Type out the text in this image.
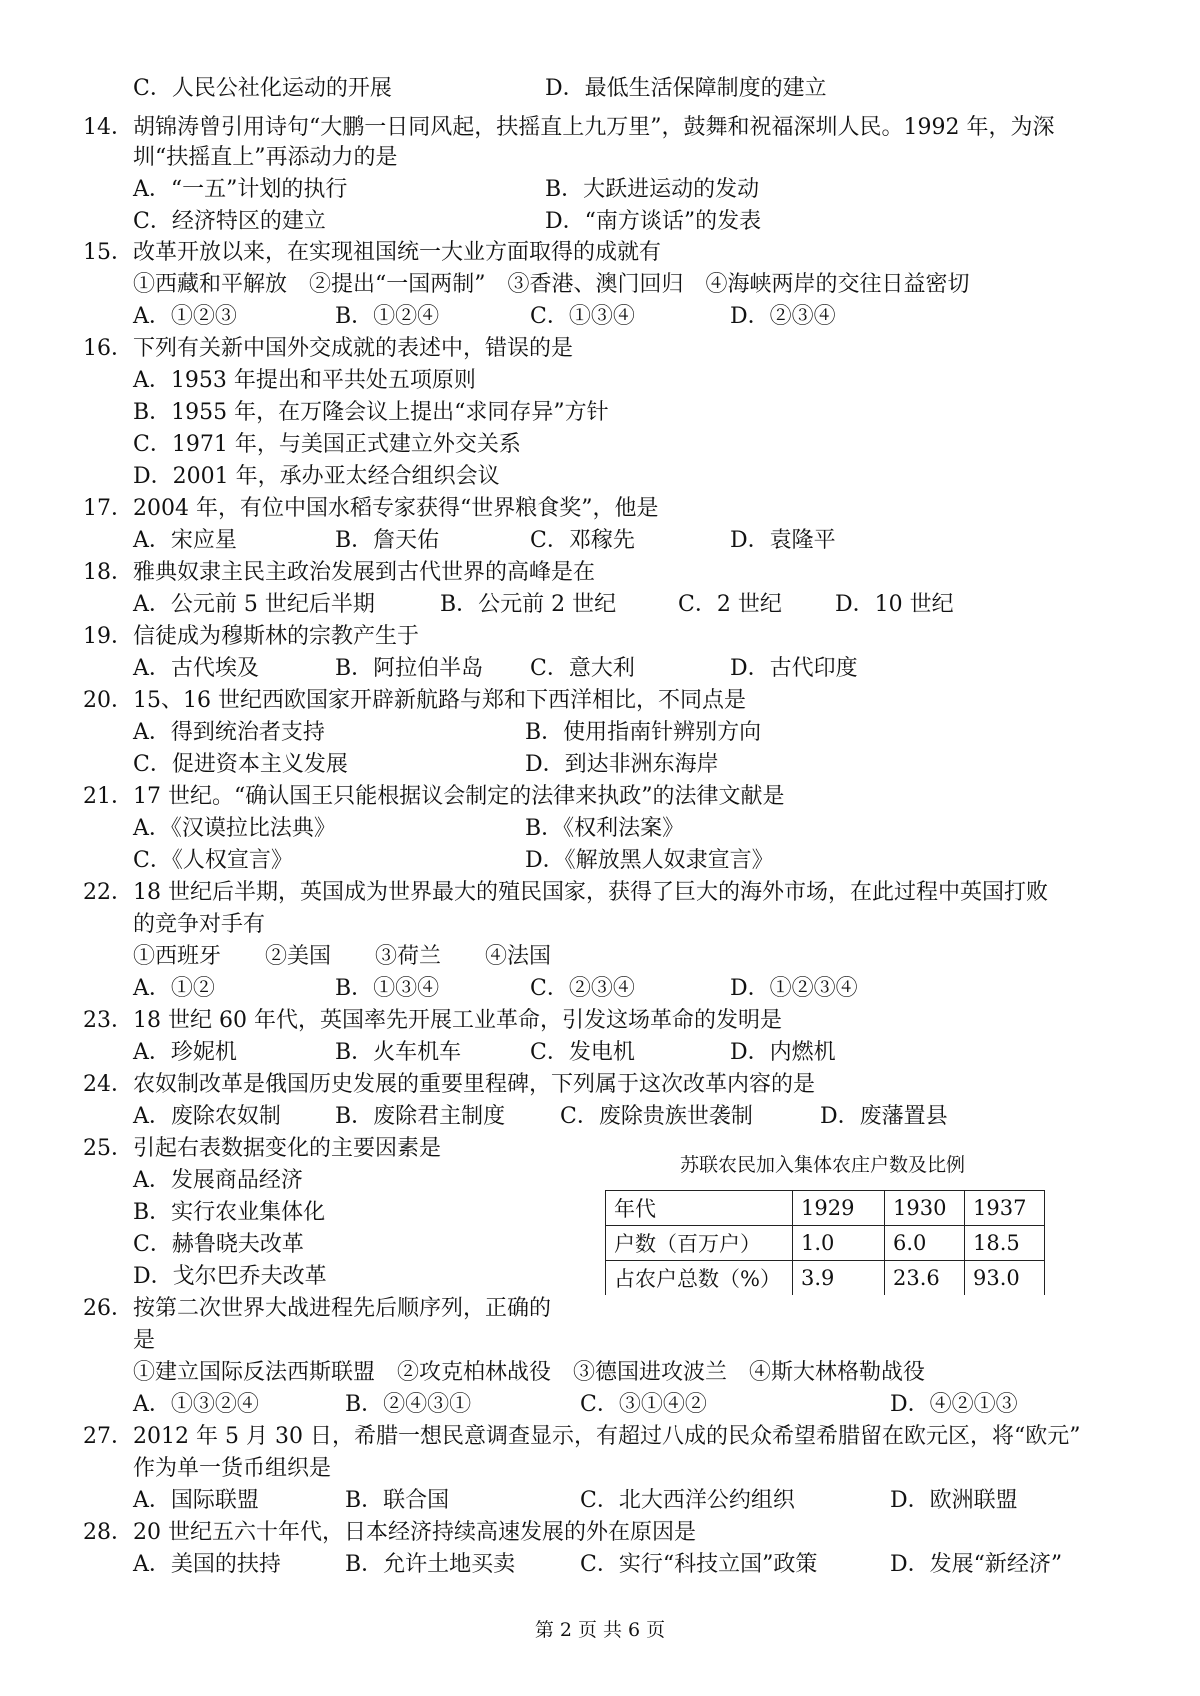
C．人民公社化运动的开展	D．最低生活保障制度的建立
14． 胡锦涛曾引用诗句“大鹏一日同风起，扶摇直上九万里”，鼓舞和祝福深圳人民。1992 年，为深
圳“扶摇直上”再添动力的是
A．“一五”计划的执行	B．大跃进运动的发动
C．经济特区的建立	D．“南方谈话”的发表
15． 改革开放以来，在实现祖国统一大业方面取得的成就有
①西藏和平解放　②提出“一国两制”　③香港、澳门回归　④海峡两岸的交往日益密切
A．①②③	B．①②④	C．①③④	D．②③④
16． 下列有关新中国外交成就的表述中，错误的是
A．1953 年提出和平共处五项原则
B．1955 年，在万隆会议上提出“求同存异”方针
C．1971 年，与美国正式建立外交关系
D．2001 年，承办亚太经合组织会议
17． 2004 年，有位中国水稻专家获得“世界粮食奖”，他是
A．宋应星	B．詹天佑	C．邓稼先	D．袁隆平
18． 雅典奴隶主民主政治发展到古代世界的高峰是在
A．公元前 5 世纪后半期	B．公元前 2 世纪	C．2 世纪 D．10 世纪
19． 信徒成为穆斯林的宗教产生于
A．古代埃及	B．阿拉伯半岛 C．意大利	D．古代印度
20． 15、16 世纪西欧国家开辟新航路与郑和下西洋相比，不同点是
A．得到统治者支持	B．使用指南针辨别方向
C．促进资本主义发展	D．到达非洲东海岸
21． 17 世纪。“确认国王只能根据议会制定的法律来执政”的法律文献是
A．《汉谟拉比法典》	B．《权利法案》
C．《人权宣言》	D．《解放黑人奴隶宣言》
22． 18 世纪后半期，英国成为世界最大的殖民国家，获得了巨大的海外市场，在此过程中英国打败
的竞争对手有
①西班牙　　②美国　　③荷兰　　④法国
A．①②	B．①③④	C．②③④	D．①②③④
23． 18 世纪 60 年代，英国率先开展工业革命，引发这场革命的发明是
A．珍妮机	B．火车机车	C．发电机	D．内燃机
24． 农奴制改革是俄国历史发展的重要里程碑，下列属于这次改革内容的是
A．废除农奴制 B．废除君主制度 C．废除贵族世袭制	D．废藩置县
25． 引起右表数据变化的主要因素是
A．发展商品经济
B．实行农业集体化
C．赫鲁晓夫改革
D．戈尔巴乔夫改革
苏联农民加入集体农庄户数及比例
年代	1929	1930	1937
户数（百万户）	1.0	6.0	18.5
占农户总数（%）	3.9	23.6	93.0
26． 按第二次世界大战进程先后顺序列，正确的
是
①建立国际反法西斯联盟　②攻克柏林战役　③德国进攻波兰　④斯大林格勒战役
A．①③②④	B．②④③①	C．③①④②	D．④②①③
27． 2012 年 5 月 30 日，希腊一想民意调查显示，有超过八成的民众希望希腊留在欧元区，将“欧元”
作为单一货币组织是
A．国际联盟	B．联合国	C．北大西洋公约组织	D．欧洲联盟
28． 20 世纪五六十年代，日本经济持续高速发展的外在原因是
A．美国的扶持	B．允许土地买卖	C．实行“科技立国”政策	D．发展“新经济”
第 2 页 共 6 页
